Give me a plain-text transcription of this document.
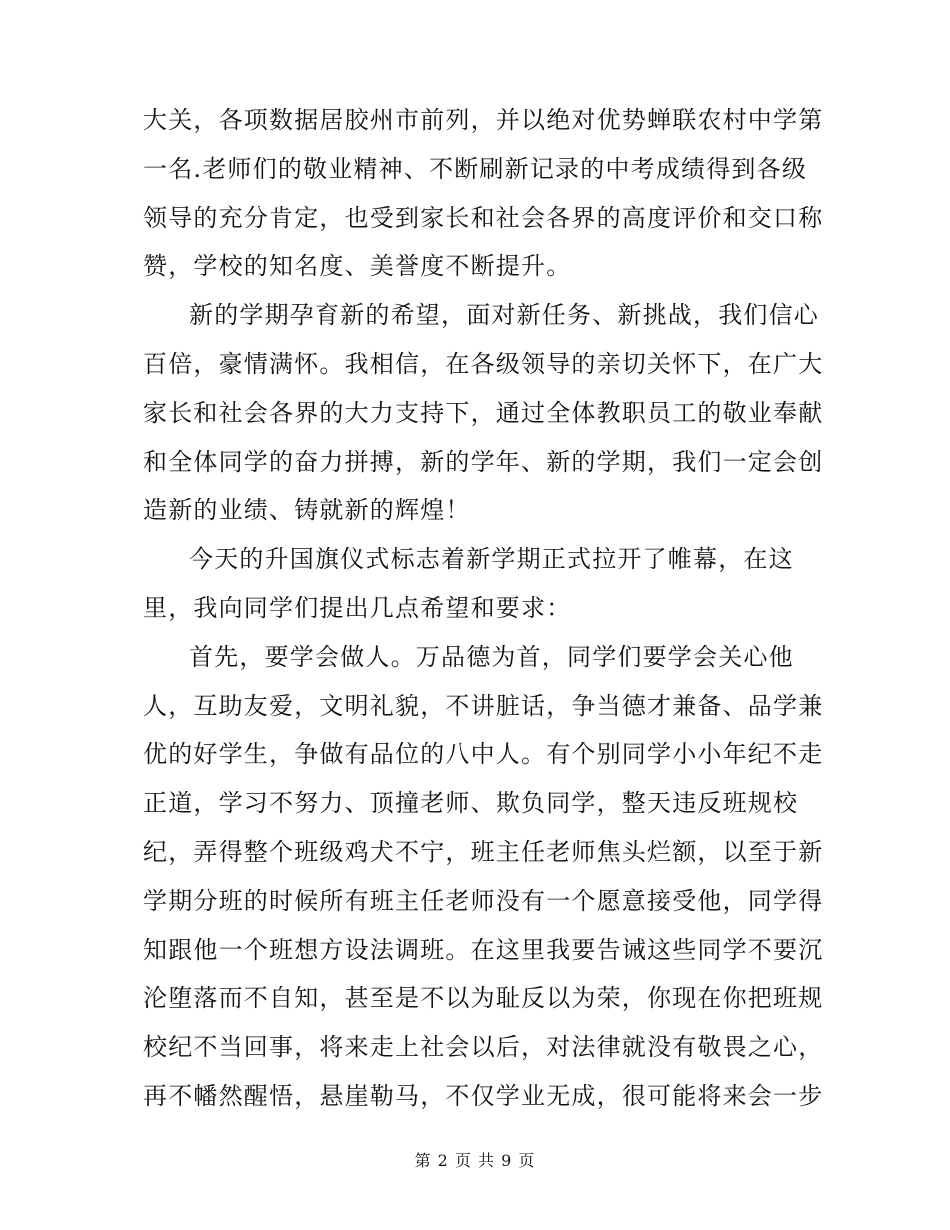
大关，各项数据居胶州市前列，并以绝对优势蝉联农村中学第
一名.老师们的敬业精神、不断刷新记录的中考成绩得到各级
领导的充分肯定，也受到家长和社会各界的高度评价和交口称
赞，学校的知名度、美誉度不断提升。
新的学期孕育新的希望，面对新任务、新挑战，我们信心
百倍，豪情满怀。我相信，在各级领导的亲切关怀下，在广大
家长和社会各界的大力支持下，通过全体教职员工的敬业奉献
和全体同学的奋力拼搏，新的学年、新的学期，我们一定会创
造新的业绩、铸就新的辉煌！
今天的升国旗仪式标志着新学期正式拉开了帷幕，在这
里，我向同学们提出几点希望和要求：
首先，要学会做人。万品德为首，同学们要学会关心他
人，互助友爱，文明礼貌，不讲脏话，争当德才兼备、品学兼
优的好学生，争做有品位的八中人。有个别同学小小年纪不走
正道，学习不努力、顶撞老师、欺负同学，整天违反班规校
纪，弄得整个班级鸡犬不宁，班主任老师焦头烂额，以至于新
学期分班的时候所有班主任老师没有一个愿意接受他，同学得
知跟他一个班想方设法调班。在这里我要告诫这些同学不要沉
沦堕落而不自知，甚至是不以为耻反以为荣，你现在你把班规
校纪不当回事，将来走上社会以后，对法律就没有敬畏之心，
再不幡然醒悟，悬崖勒马，不仅学业无成，很可能将来会一步
第 2 页 共 9 页
